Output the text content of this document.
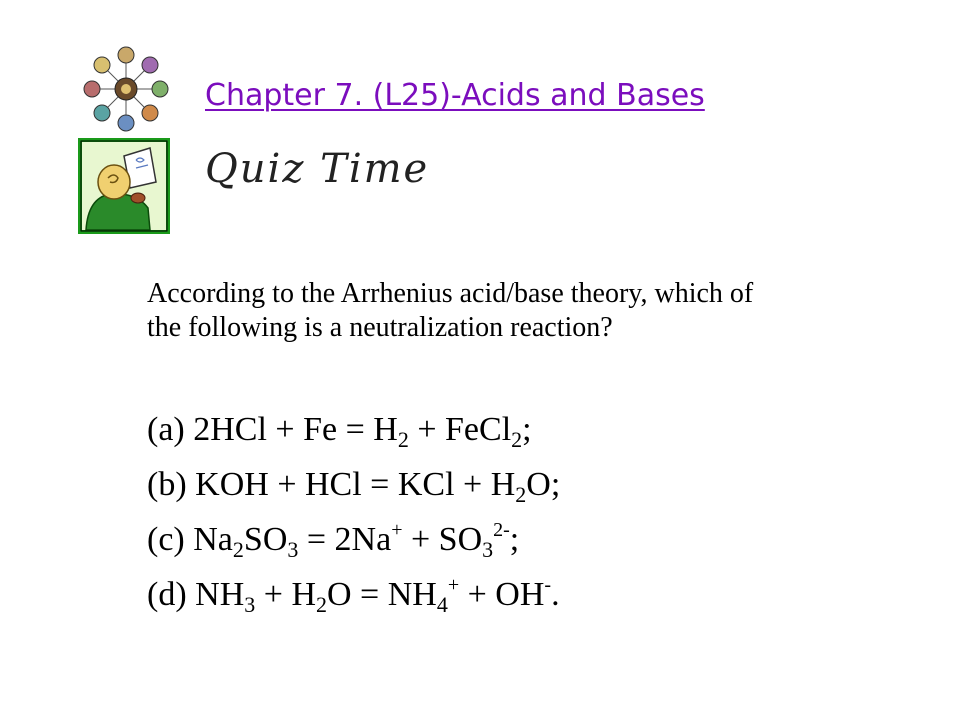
Chapter 7. (L25)-Acids and Bases
Quiz Time
According to the Arrhenius acid/base theory, which of the following is a neutralization reaction?
(a) $2HCl + Fe = H_2$ + FeCl$_2$;
(b) KOH + HCl = KCl + $H_2O$;
(c) $Na_2SO_3 = 2Na^+ + SO_3^{2-}$;
(d) $NH_3 + H_2O = NH_4^+ + OH^-$.
